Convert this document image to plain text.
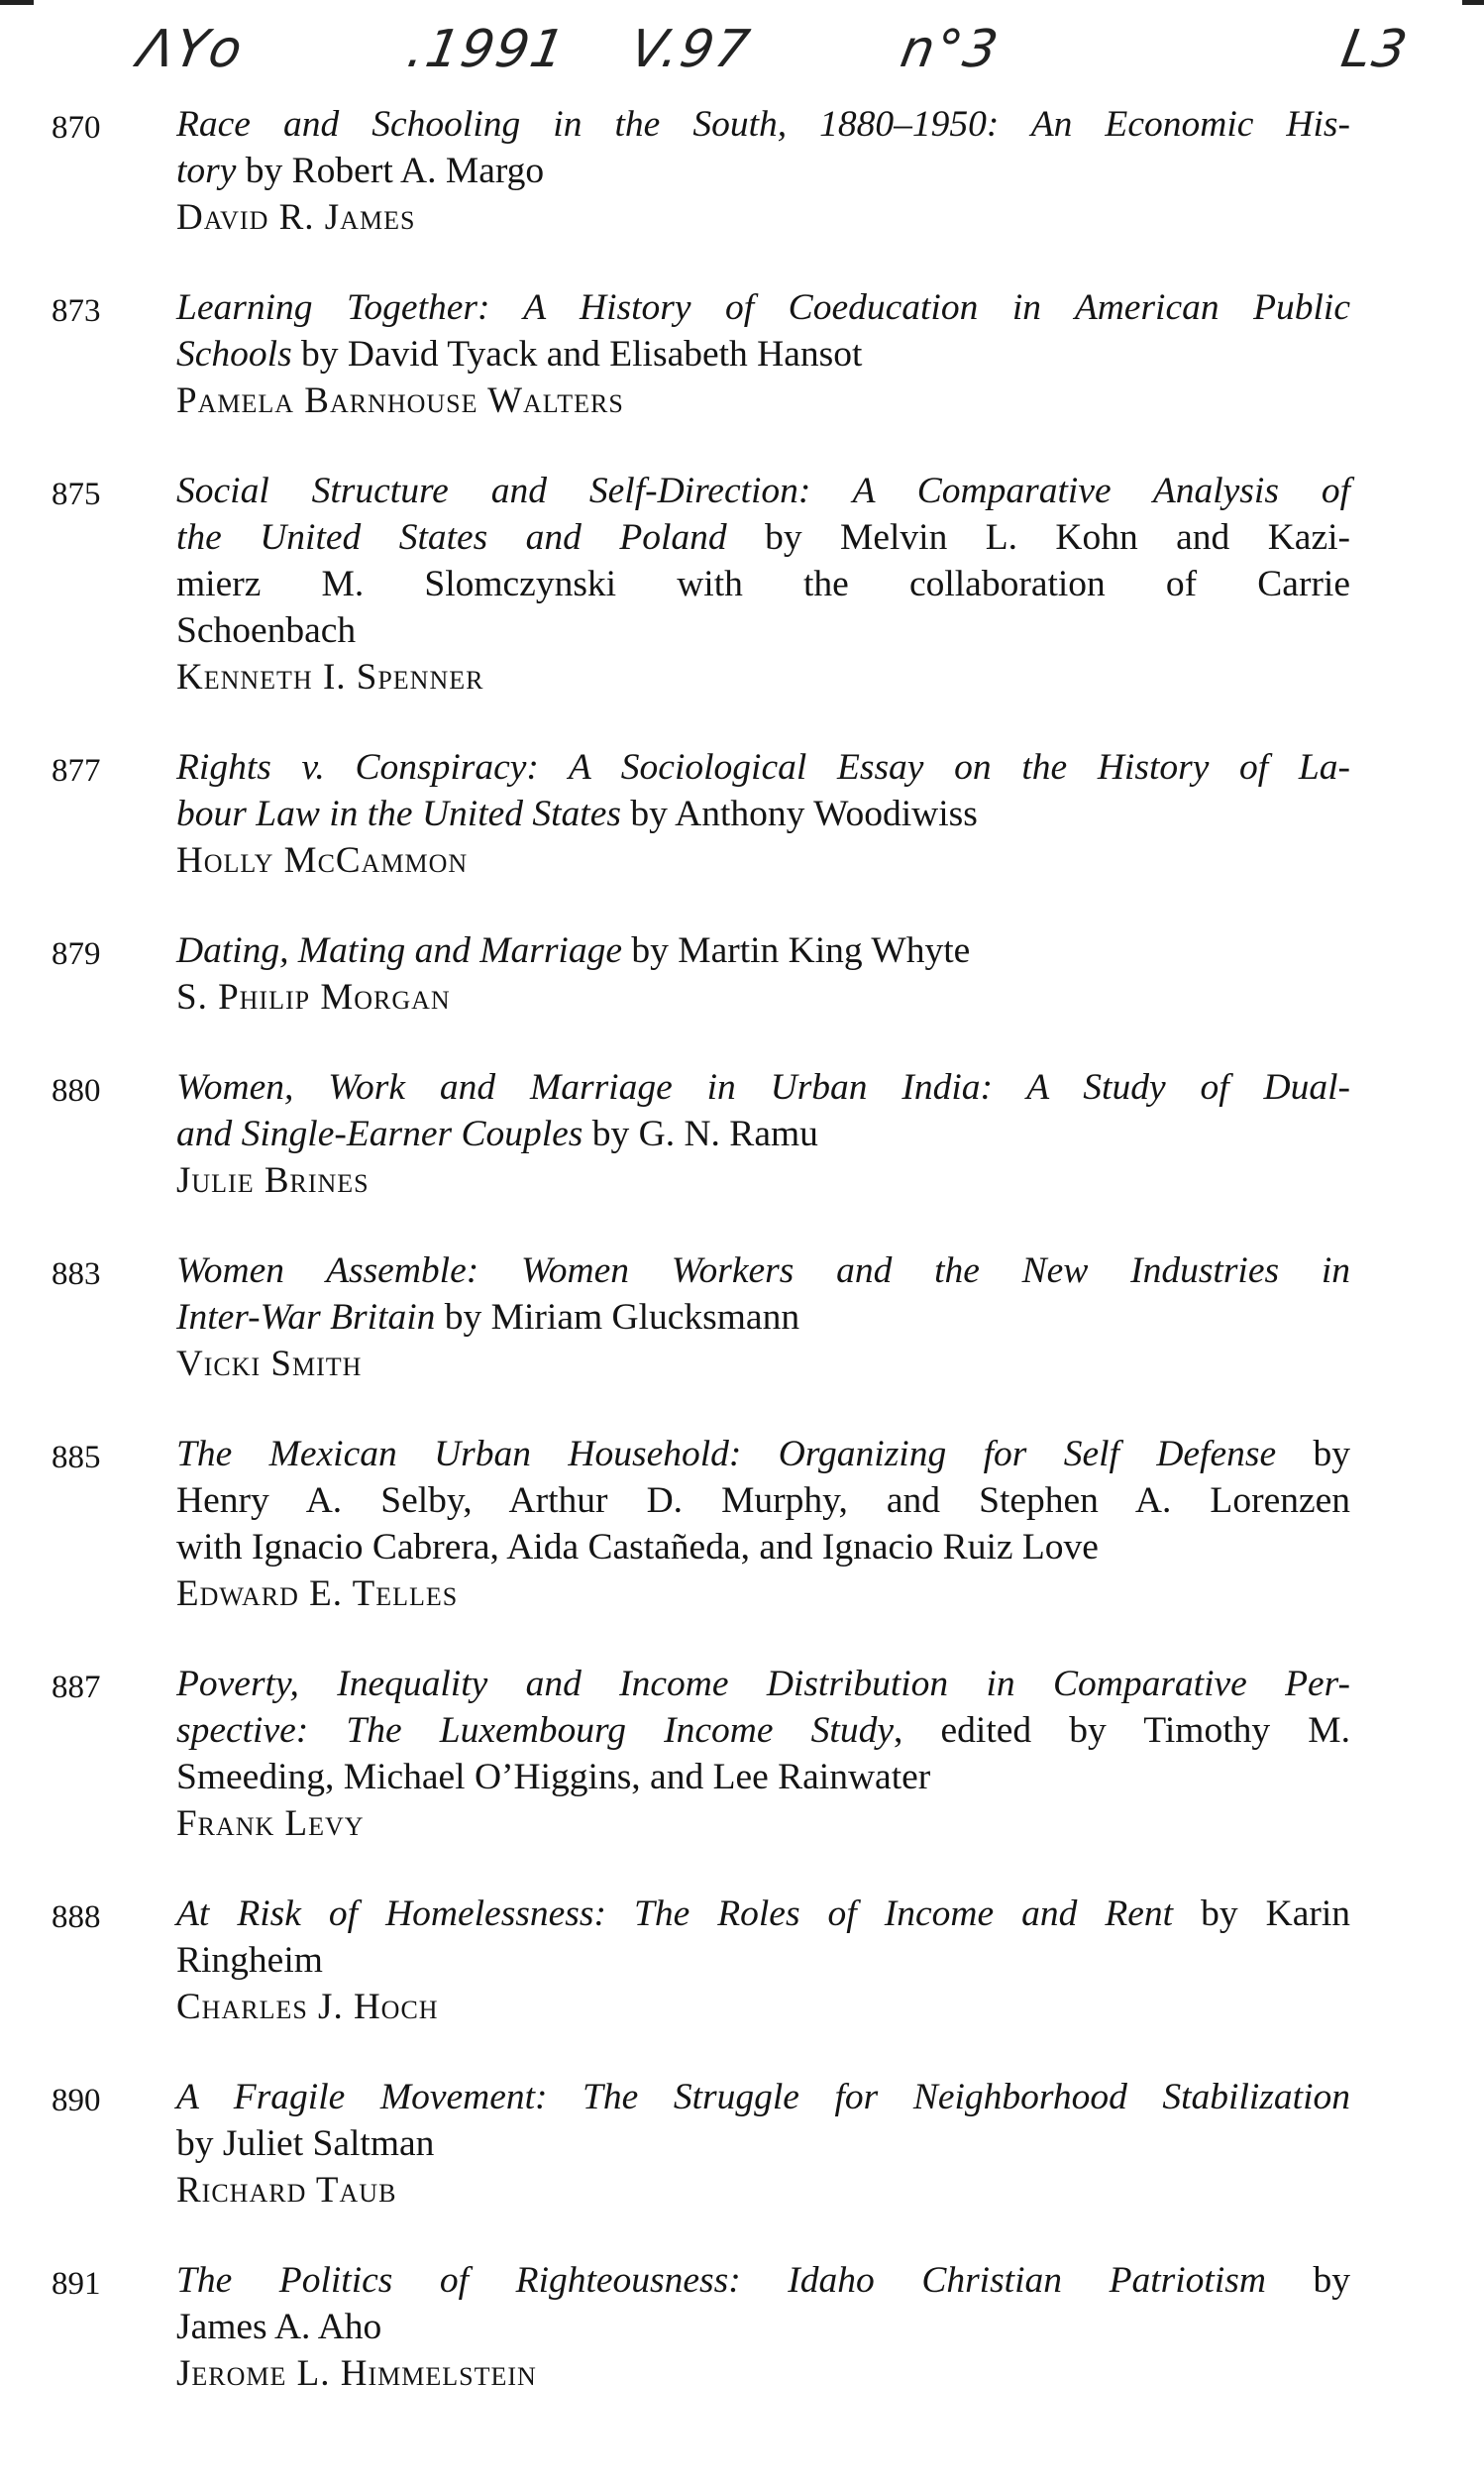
ΛΥο	.1991 V.97	n°3	L3
870	Race and Schooling in the South, 1880–1950: An Economic His-
tory by Robert A. Margo
David R. James
873	Learning Together: A History of Coeducation in American Public
Schools by David Tyack and Elisabeth Hansot
Pamela Barnhouse Walters
875	Social Structure and Self-Direction: A Comparative Analysis of
the United States and Poland by Melvin L. Kohn and Kazi-
mierz M. Slomczynski with the collaboration of Carrie
Schoenbach
Kenneth I. Spenner
877	Rights v. Conspiracy: A Sociological Essay on the History of La-
bour Law in the United States by Anthony Woodiwiss
Holly McCammon
879	Dating, Mating and Marriage by Martin King Whyte
S. Philip Morgan
880	Women, Work and Marriage in Urban India: A Study of Dual-
and Single-Earner Couples by G. N. Ramu
Julie Brines
883	Women Assemble: Women Workers and the New Industries in
Inter-War Britain by Miriam Glucksmann
Vicki Smith
885	The Mexican Urban Household: Organizing for Self Defense by
Henry A. Selby, Arthur D. Murphy, and Stephen A. Lorenzen
with Ignacio Cabrera, Aida Castañeda, and Ignacio Ruiz Love
Edward E. Telles
887	Poverty, Inequality and Income Distribution in Comparative Per-
spective: The Luxembourg Income Study, edited by Timothy M.
Smeeding, Michael O’Higgins, and Lee Rainwater
Frank Levy
888	At Risk of Homelessness: The Roles of Income and Rent by Karin
Ringheim
Charles J. Hoch
890	A Fragile Movement: The Struggle for Neighborhood Stabilization
by Juliet Saltman
Richard Taub
891	The Politics of Righteousness: Idaho Christian Patriotism by
James A. Aho
Jerome L. Himmelstein
